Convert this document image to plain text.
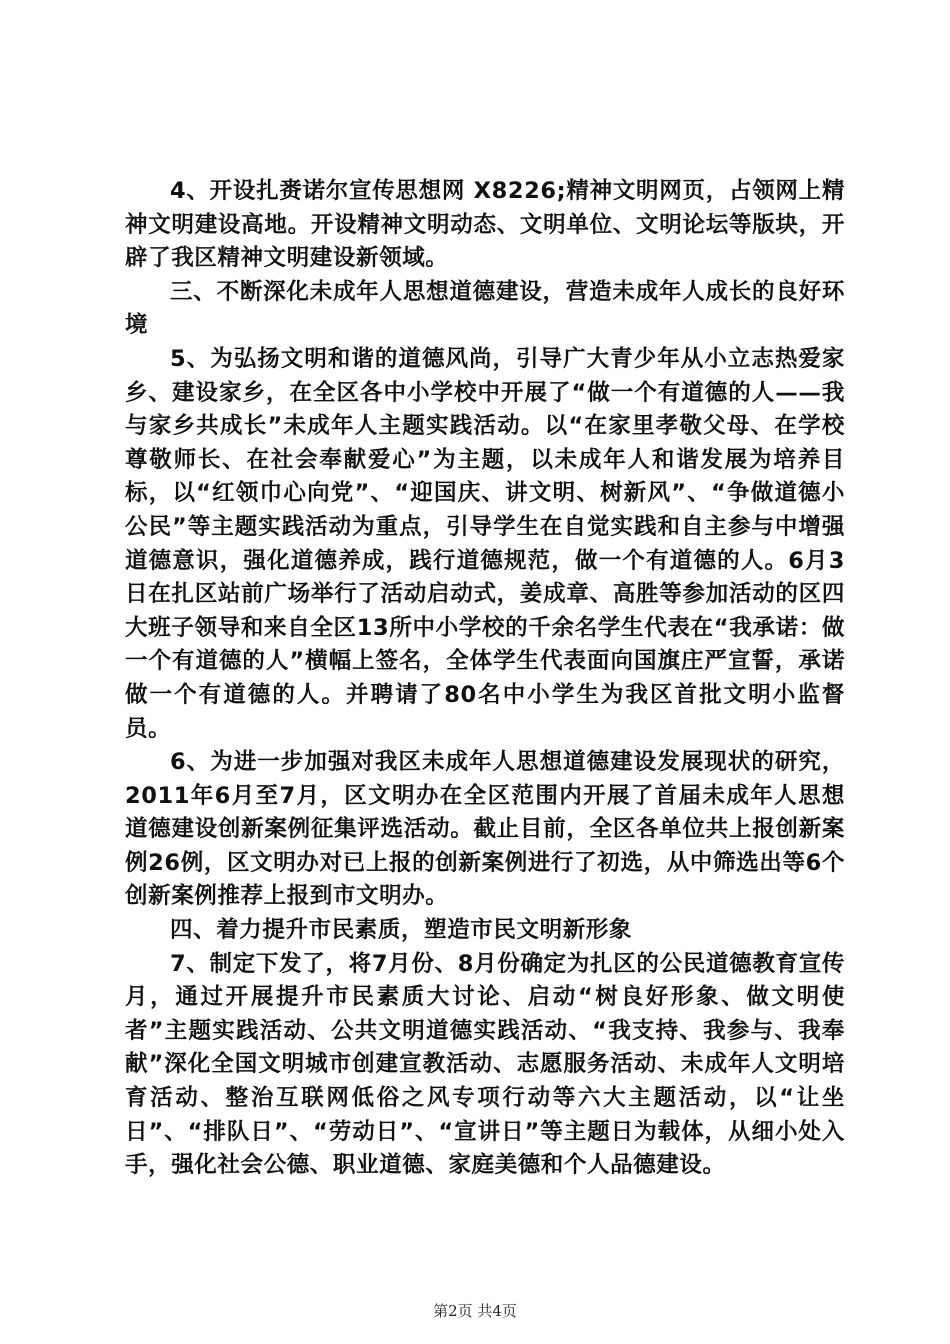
4、开设扎赉诺尔宣传思想网 X8226;精神文明网页，占领网上精神文明建设高地。开设精神文明动态、文明单位、文明论坛等版块，开辟了我区精神文明建设新领域。

三、不断深化未成年人思想道德建设，营造未成年人成长的良好环境

5、为弘扬文明和谐的道德风尚，引导广大青少年从小立志热爱家乡、建设家乡，在全区各中小学校中开展了“做一个有道德的人——我与家乡共成长”未成年人主题实践活动。以“在家里孝敬父母、在学校尊敬师长、在社会奉献爱心”为主题，以未成年人和谐发展为培养目标，以“红领巾心向党”、“迎国庆、讲文明、树新风”、“争做道德小公民”等主题实践活动为重点，引导学生在自觉实践和自主参与中增强道德意识，强化道德养成，践行道德规范，做一个有道德的人。6月3日在扎区站前广场举行了活动启动式，姜成章、高胜等参加活动的区四大班子领导和来自全区13所中小学校的千余名学生代表在“我承诺：做一个有道德的人”横幅上签名，全体学生代表面向国旗庄严宣誓，承诺做一个有道德的人。并聘请了80名中小学生为我区首批文明小监督员。

6、为进一步加强对我区未成年人思想道德建设发展现状的研究，2011年6月至7月，区文明办在全区范围内开展了首届未成年人思想道德建设创新案例征集评选活动。截止目前，全区各单位共上报创新案例26例，区文明办对已上报的创新案例进行了初选，从中筛选出等6个创新案例推荐上报到市文明办。

四、着力提升市民素质，塑造市民文明新形象

7、制定下发了，将7月份、8月份确定为扎区的公民道德教育宣传月，通过开展提升市民素质大讨论、启动“树良好形象、做文明使者”主题实践活动、公共文明道德实践活动、“我支持、我参与、我奉献”深化全国文明城市创建宣教活动、志愿服务活动、未成年人文明培育活动、整治互联网低俗之风专项行动等六大主题活动，以“让坐日”、“排队日”、“劳动日”、“宣讲日”等主题日为载体，从细小处入手，强化社会公德、职业道德、家庭美德和个人品德建设。

第2页 共4页
